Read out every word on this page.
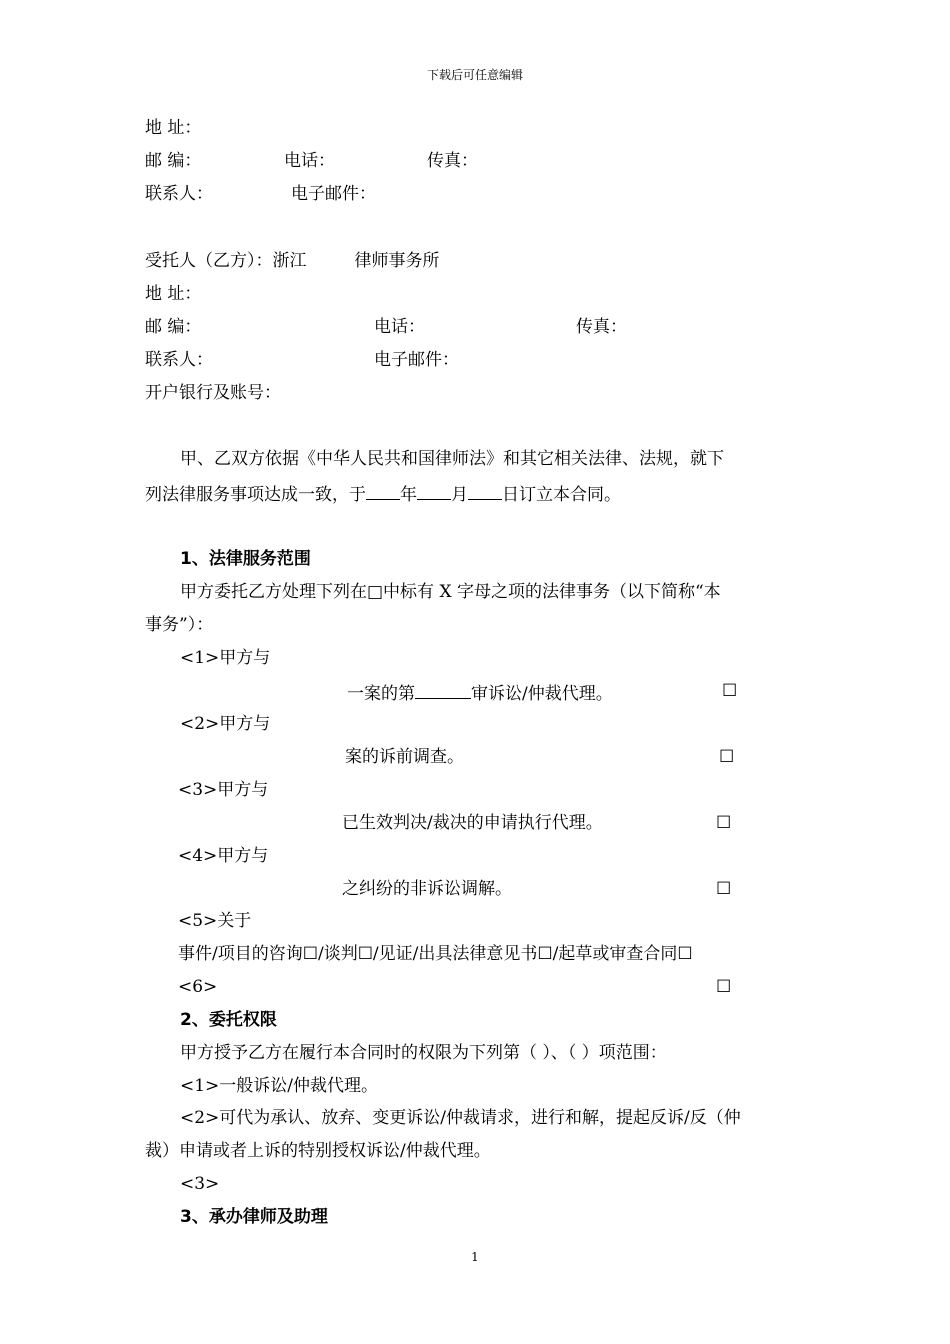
下载后可任意编辑
地 址：
邮 编：	电话：	传真：
联系人：	电子邮件：
受托人（乙方）：浙江	律师事务所
地 址：
邮 编：	电话：	传真：
联系人：	电子邮件：
开户银行及账号：
甲、乙双方依据《中华人民共和国律师法》和其它相关法律、法规，就下
列法律服务事项达成一致，于 年 月 日订立本合同。
1、法律服务范围
甲方委托乙方处理下列在□中标有 X 字母之项的法律事务（以下简称“本
事务”）：
<1>甲方与
一案的第	审诉讼/仲裁代理。	☐
<2>甲方与
案的诉前调查。	☐
<3>甲方与
已生效判决/裁决的申请执行代理。	☐
<4>甲方与
之纠纷的非诉讼调解。	☐
<5>关于
事件/项目的咨询☐/谈判☐/见证/出具法律意见书☐/起草或审查合同☐
<6>	☐
2、委托权限
甲方授予乙方在履行本合同时的权限为下列第（ ）、（ ）项范围：
<1>一般诉讼/仲裁代理。
<2>可代为承认、放弃、变更诉讼/仲裁请求，进行和解，提起反诉/反（仲
裁）申请或者上诉的特别授权诉讼/仲裁代理。
<3>
3、承办律师及助理
1
